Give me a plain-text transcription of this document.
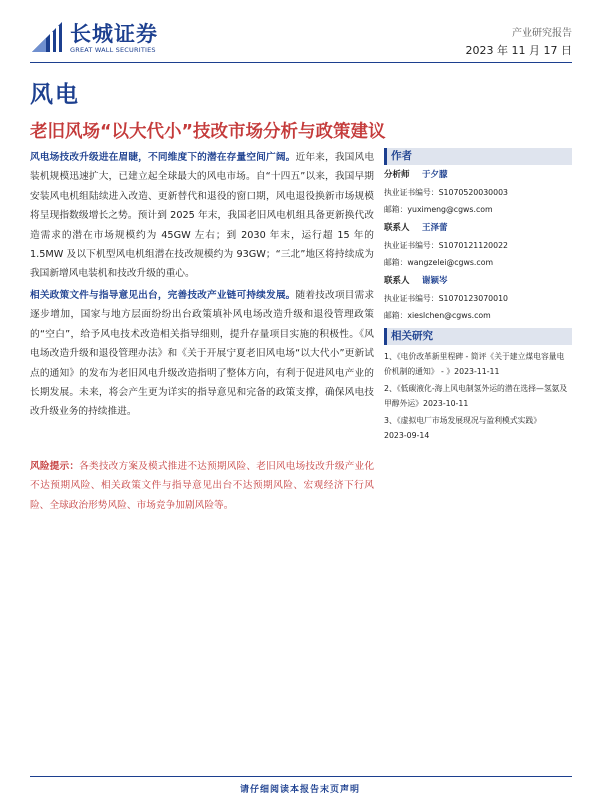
长城证券
GREAT WALL SECURITIES
产业研究报告
2023 年 11 月 17 日
风电
老旧风场“以大代小”技改市场分析与政策建议
风电场技改升级进在眉睫，不同维度下的潜在存量空间广阔。近年来，我国风电装机规模迅速扩大，已建立起全球最大的风电市场。自“十四五”以来，我国早期安装风电机组陆续进入改造、更新替代和退役的窗口期，风电退役换新市场规模将呈现指数级增长之势。预计到 2025 年末，我国老旧风电机组具备更新换代改造需求的潜在市场规模约为 45GW 左右；到 2030 年末，运行超 15 年的 1.5MW 及以下机型风电机组潜在技改规模约为 93GW；“三北”地区将持续成为我国新增风电装机和技改升级的重心。
相关政策文件与指导意见出台，完善技改产业链可持续发展。随着技改项目需求逐步增加，国家与地方层面纷纷出台政策填补风电场改造升级和退役管理政策的“空白”，给予风电技术改造相关指导细则，提升存量项目实施的积极性。《风电场改造升级和退役管理办法》和《关于开展宁夏老旧风电场“以大代小”更新试点的通知》的发布为老旧风电升级改造指明了整体方向，有利于促进风电产业的长期发展。未来，将会产生更为详实的指导意见和完备的政策支撑，确保风电技改升级业务的持续推进。
风险提示：各类技改方案及模式推进不达预期风险、老旧风电场技改升级产业化不达预期风险、相关政策文件与指导意见出台不达预期风险、宏观经济下行风险、全球政治形势风险、市场竞争加剧风险等。
作者
分析师 于夕朦
执业证书编号：S1070520030003
邮箱：yuximeng@cgws.com
联系人 王泽蕾
执业证书编号：S1070121120022
邮箱：wangzelei@cgws.com
联系人 谢颖岑
执业证书编号：S1070123070010
邮箱：xieslchen@cgws.com
相关研究
1、《电价改革新里程碑 - 简评《关于建立煤电容量电价机制的通知》 - 》2023-11-11
2、《低碳液化-海上风电制氢外运的潜在选择—氢氨及甲醇外运》2023-10-11
3、《虚拟电厂市场发展现况与盈利模式实践》
2023-09-14
请仔细阅读本报告末页声明
